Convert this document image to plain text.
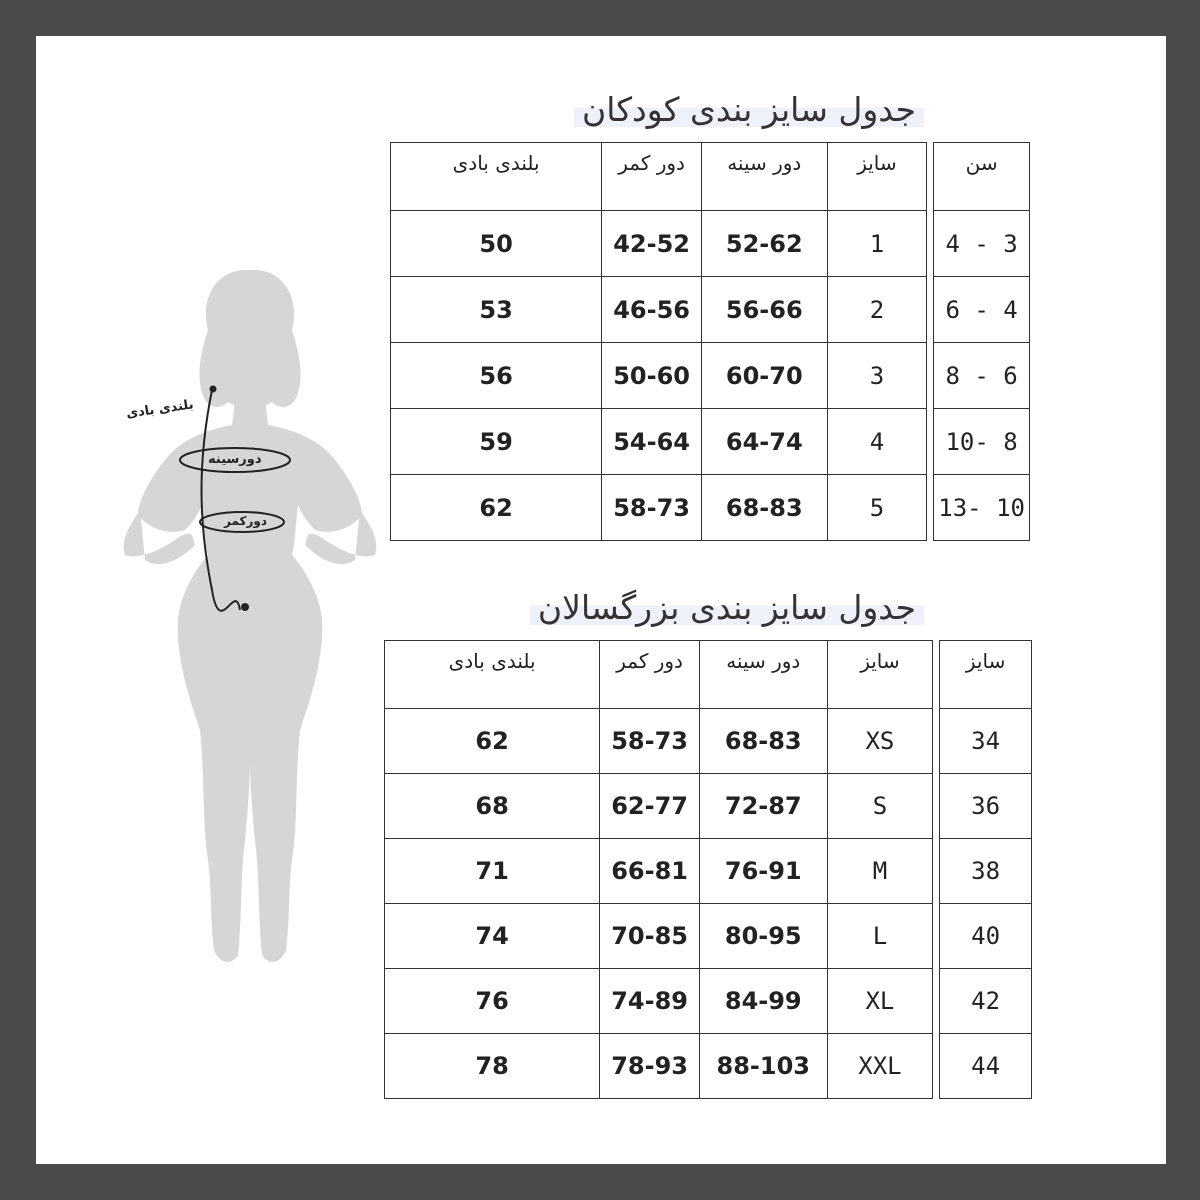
بلندی بادی
دورسینه
دورکمر
جدول سایز بندی کودکان
سن		سایز	دور سینه	دور کمر	بلندی بادی
3 - 4		1	52-62	42-52	50
4 - 6		2	56-66	46-56	53
6 - 8		3	60-70	50-60	56
8 -10		4	64-74	54-64	59
10 -13		5	68-83	58-73	62
جدول سایز بندی بزرگسالان
سایز		سایز	دور سینه	دور کمر	بلندی بادی
34		XS	68-83	58-73	62
36		S	72-87	62-77	68
38		M	76-91	66-81	71
40		L	80-95	70-85	74
42		XL	84-99	74-89	76
44		XXL	88-103	78-93	78
